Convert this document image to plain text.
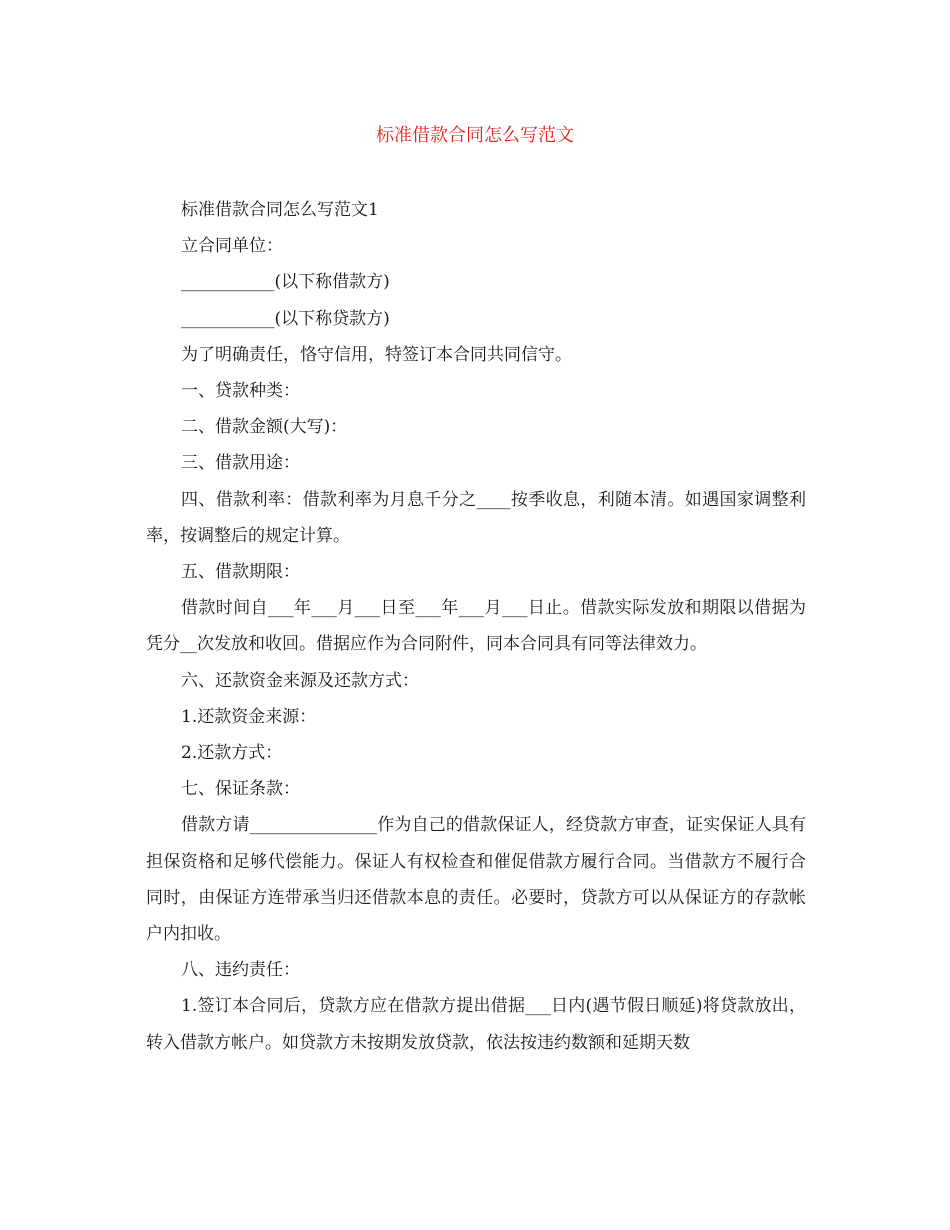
标准借款合同怎么写范文

标准借款合同怎么写范文1

立合同单位：

___________(以下称借款方)

___________(以下称贷款方)

为了明确责任，恪守信用，特签订本合同共同信守。

一、贷款种类：

二、借款金额(大写)：

三、借款用途：

四、借款利率：借款利率为月息千分之____按季收息，利随本清。如遇国家调整利率，按调整后的规定计算。

五、借款期限：

借款时间自___年___月___日至___年___月___日止。借款实际发放和期限以借据为凭分__次发放和收回。借据应作为合同附件，同本合同具有同等法律效力。

六、还款资金来源及还款方式：

1.还款资金来源：

2.还款方式：

七、保证条款：

借款方请_______________作为自己的借款保证人，经贷款方审查，证实保证人具有担保资格和足够代偿能力。保证人有权检查和催促借款方履行合同。当借款方不履行合同时，由保证方连带承当归还借款本息的责任。必要时，贷款方可以从保证方的存款帐户内扣收。

八、违约责任：

1.签订本合同后，贷款方应在借款方提出借据___日内(遇节假日顺延)将贷款放出，转入借款方帐户。如贷款方未按期发放贷款，依法按违约数额和延期天数
